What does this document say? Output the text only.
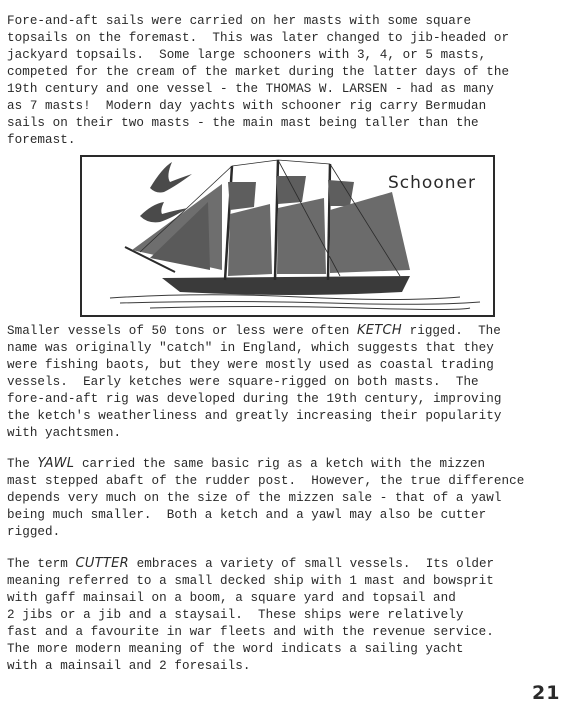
Fore-and-aft sails were carried on her masts with some square
topsails on the foremast.  This was later changed to jib-headed or
jackyard topsails.  Some large schooners with 3, 4, or 5 masts,
competed for the cream of the market during the latter days of the
19th century and one vessel - the THOMAS W. LARSEN - had as many
as 7 masts!  Modern day yachts with schooner rig carry Bermudan
sails on their two masts - the main mast being taller than the
foremast.
Schooner
Smaller vessels of 50 tons or less were often KETCH rigged.  The
name was originally "catch" in England, which suggests that they
were fishing baots, but they were mostly used as coastal trading
vessels.  Early ketches were square-rigged on both masts.  The
fore-and-aft rig was developed during the 19th century, improving
the ketch's weatherliness and greatly increasing their popularity
with yachtsmen.
The YAWL carried the same basic rig as a ketch with the mizzen
mast stepped abaft of the rudder post.  However, the true difference
depends very much on the size of the mizzen sale - that of a yawl
being much smaller.  Both a ketch and a yawl may also be cutter
rigged.
The term CUTTER embraces a variety of small vessels.  Its older
meaning referred to a small decked ship with 1 mast and bowsprit
with gaff mainsail on a boom, a square yard and topsail and
2 jibs or a jib and a staysail.  These ships were relatively
fast and a favourite in war fleets and with the revenue service.
The more modern meaning of the word indicats a sailing yacht
with a mainsail and 2 foresails.
21
